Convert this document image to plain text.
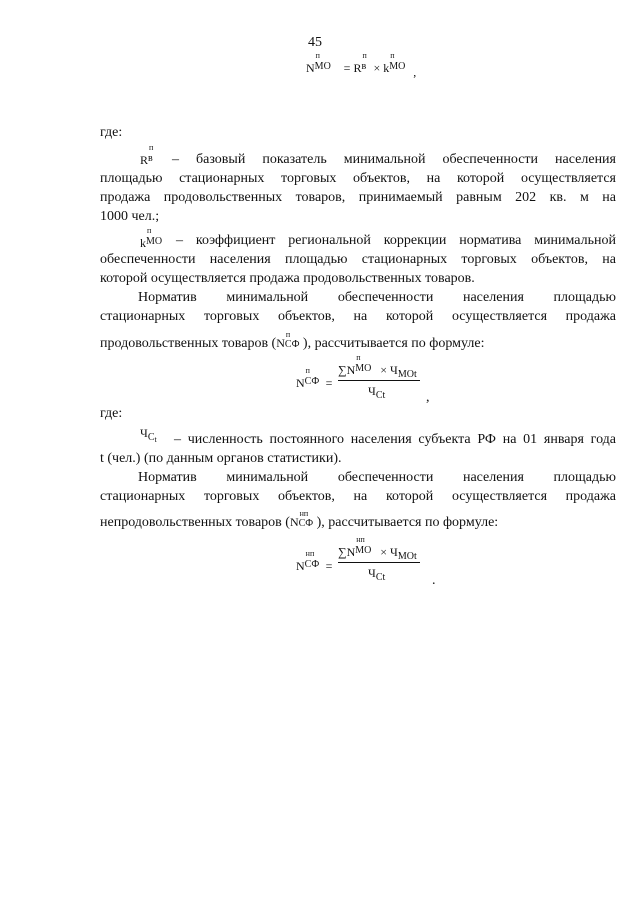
45
N
п
МО = R
п
в × k
п
МО ,
где:
R
п
в – базовый показатель минимальной обеспеченности населения
площадью стационарных торговых объектов, на которой осуществляется
продажа продовольственных товаров, принимаемый равным 202 кв. м на
1000 чел.;
k
п
МО – коэффициент региональной коррекции норматива минимальной
обеспеченности населения площадью стационарных торговых объектов, на
которой осуществляется продажа продовольственных товаров.
Норматив минимальной обеспеченности населения площадью
стационарных торговых объектов, на которой осуществляется продажа
продовольственных товаров (N
п
СФ ), рассчитывается по формуле:
N
п
СФ =
∑N
п
МО × $Ч_{МОt}$
$Ч_{Ct}$	,
где:
$Ч_{Ct}$ – численность постоянного населения субъекта РФ на 01 января года
t (чел.) (по данным органов статистики).
Норматив минимальной обеспеченности населения площадью
стационарных торговых объектов, на которой осуществляется продажа
непродовольственных товаров (N
нп
СФ ), рассчитывается по формуле:
N
нп
СФ =
∑N
нп
МО × $Ч_{МОt}$
$Ч_{Ct}$	.
